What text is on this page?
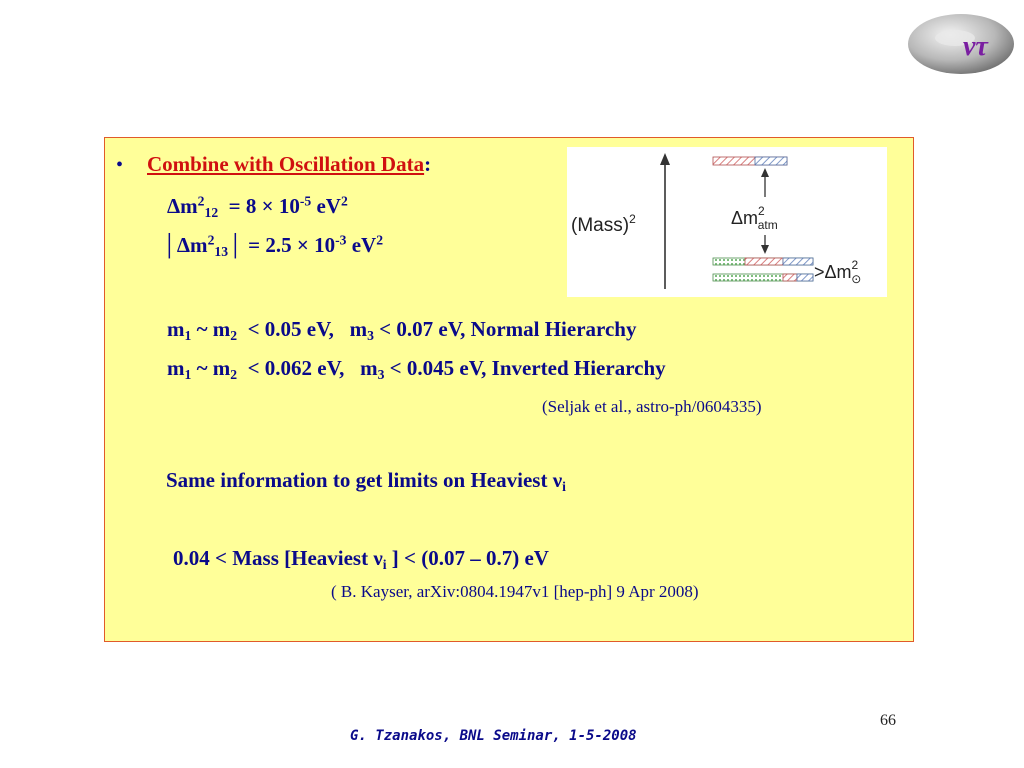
ντ
• Combine with Oscillation Data:
$\Delta m^2_{12} = 8 \times 10^{-5}$ $eV^2$
$│\Delta m^2_{13}│ = 2.5 \times 10^{-3}$ $eV^2$
(Mass)$^2$	$\Delta m^2$ atm
$>\Delta m^2$ ⊙
$m_1$ ~ $m_2 < 0.05$ eV, $m_3 < 0.07$ eV, Normal Hierarchy
$m_1$ ~ $m_2 < 0.062$ eV, $m_3 < 0.045$ eV, Inverted Hierarchy
(Seljak et al., astro-ph/0604335)
Same information to get limits on Heaviest $\nu_i$
0.04 < Mass [Heaviest $\nu_i$ ] < (0.07 – 0.7) eV
( B. Kayser, arXiv:0804.1947v1 [hep-ph] 9 Apr 2008)
66
G. Tzanakos, BNL Seminar, 1-5-2008
